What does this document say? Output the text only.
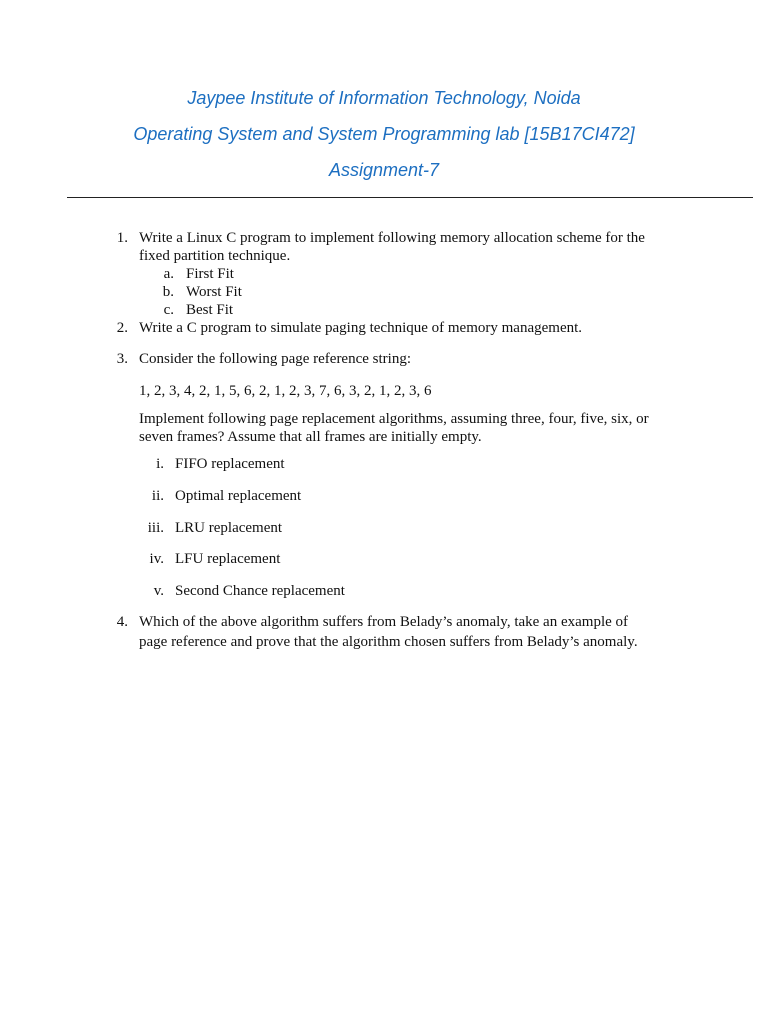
Jaypee Institute of Information Technology, Noida
Operating System and System Programming lab [15B17CI472]
Assignment-7
1. Write a Linux C program to implement following memory allocation scheme for the
fixed partition technique.
a. First Fit
b. Worst Fit
c. Best Fit
2. Write a C program to simulate paging technique of memory management.
3. Consider the following page reference string:
1, 2, 3, 4, 2, 1, 5, 6, 2, 1, 2, 3, 7, 6, 3, 2, 1, 2, 3, 6
Implement following page replacement algorithms, assuming three, four, five, six, or
seven frames? Assume that all frames are initially empty.
i. FIFO replacement
ii. Optimal replacement
iii. LRU replacement
iv. LFU replacement
v. Second Chance replacement
4. Which of the above algorithm suffers from Belady’s anomaly, take an example of
page reference and prove that the algorithm chosen suffers from Belady’s anomaly.
